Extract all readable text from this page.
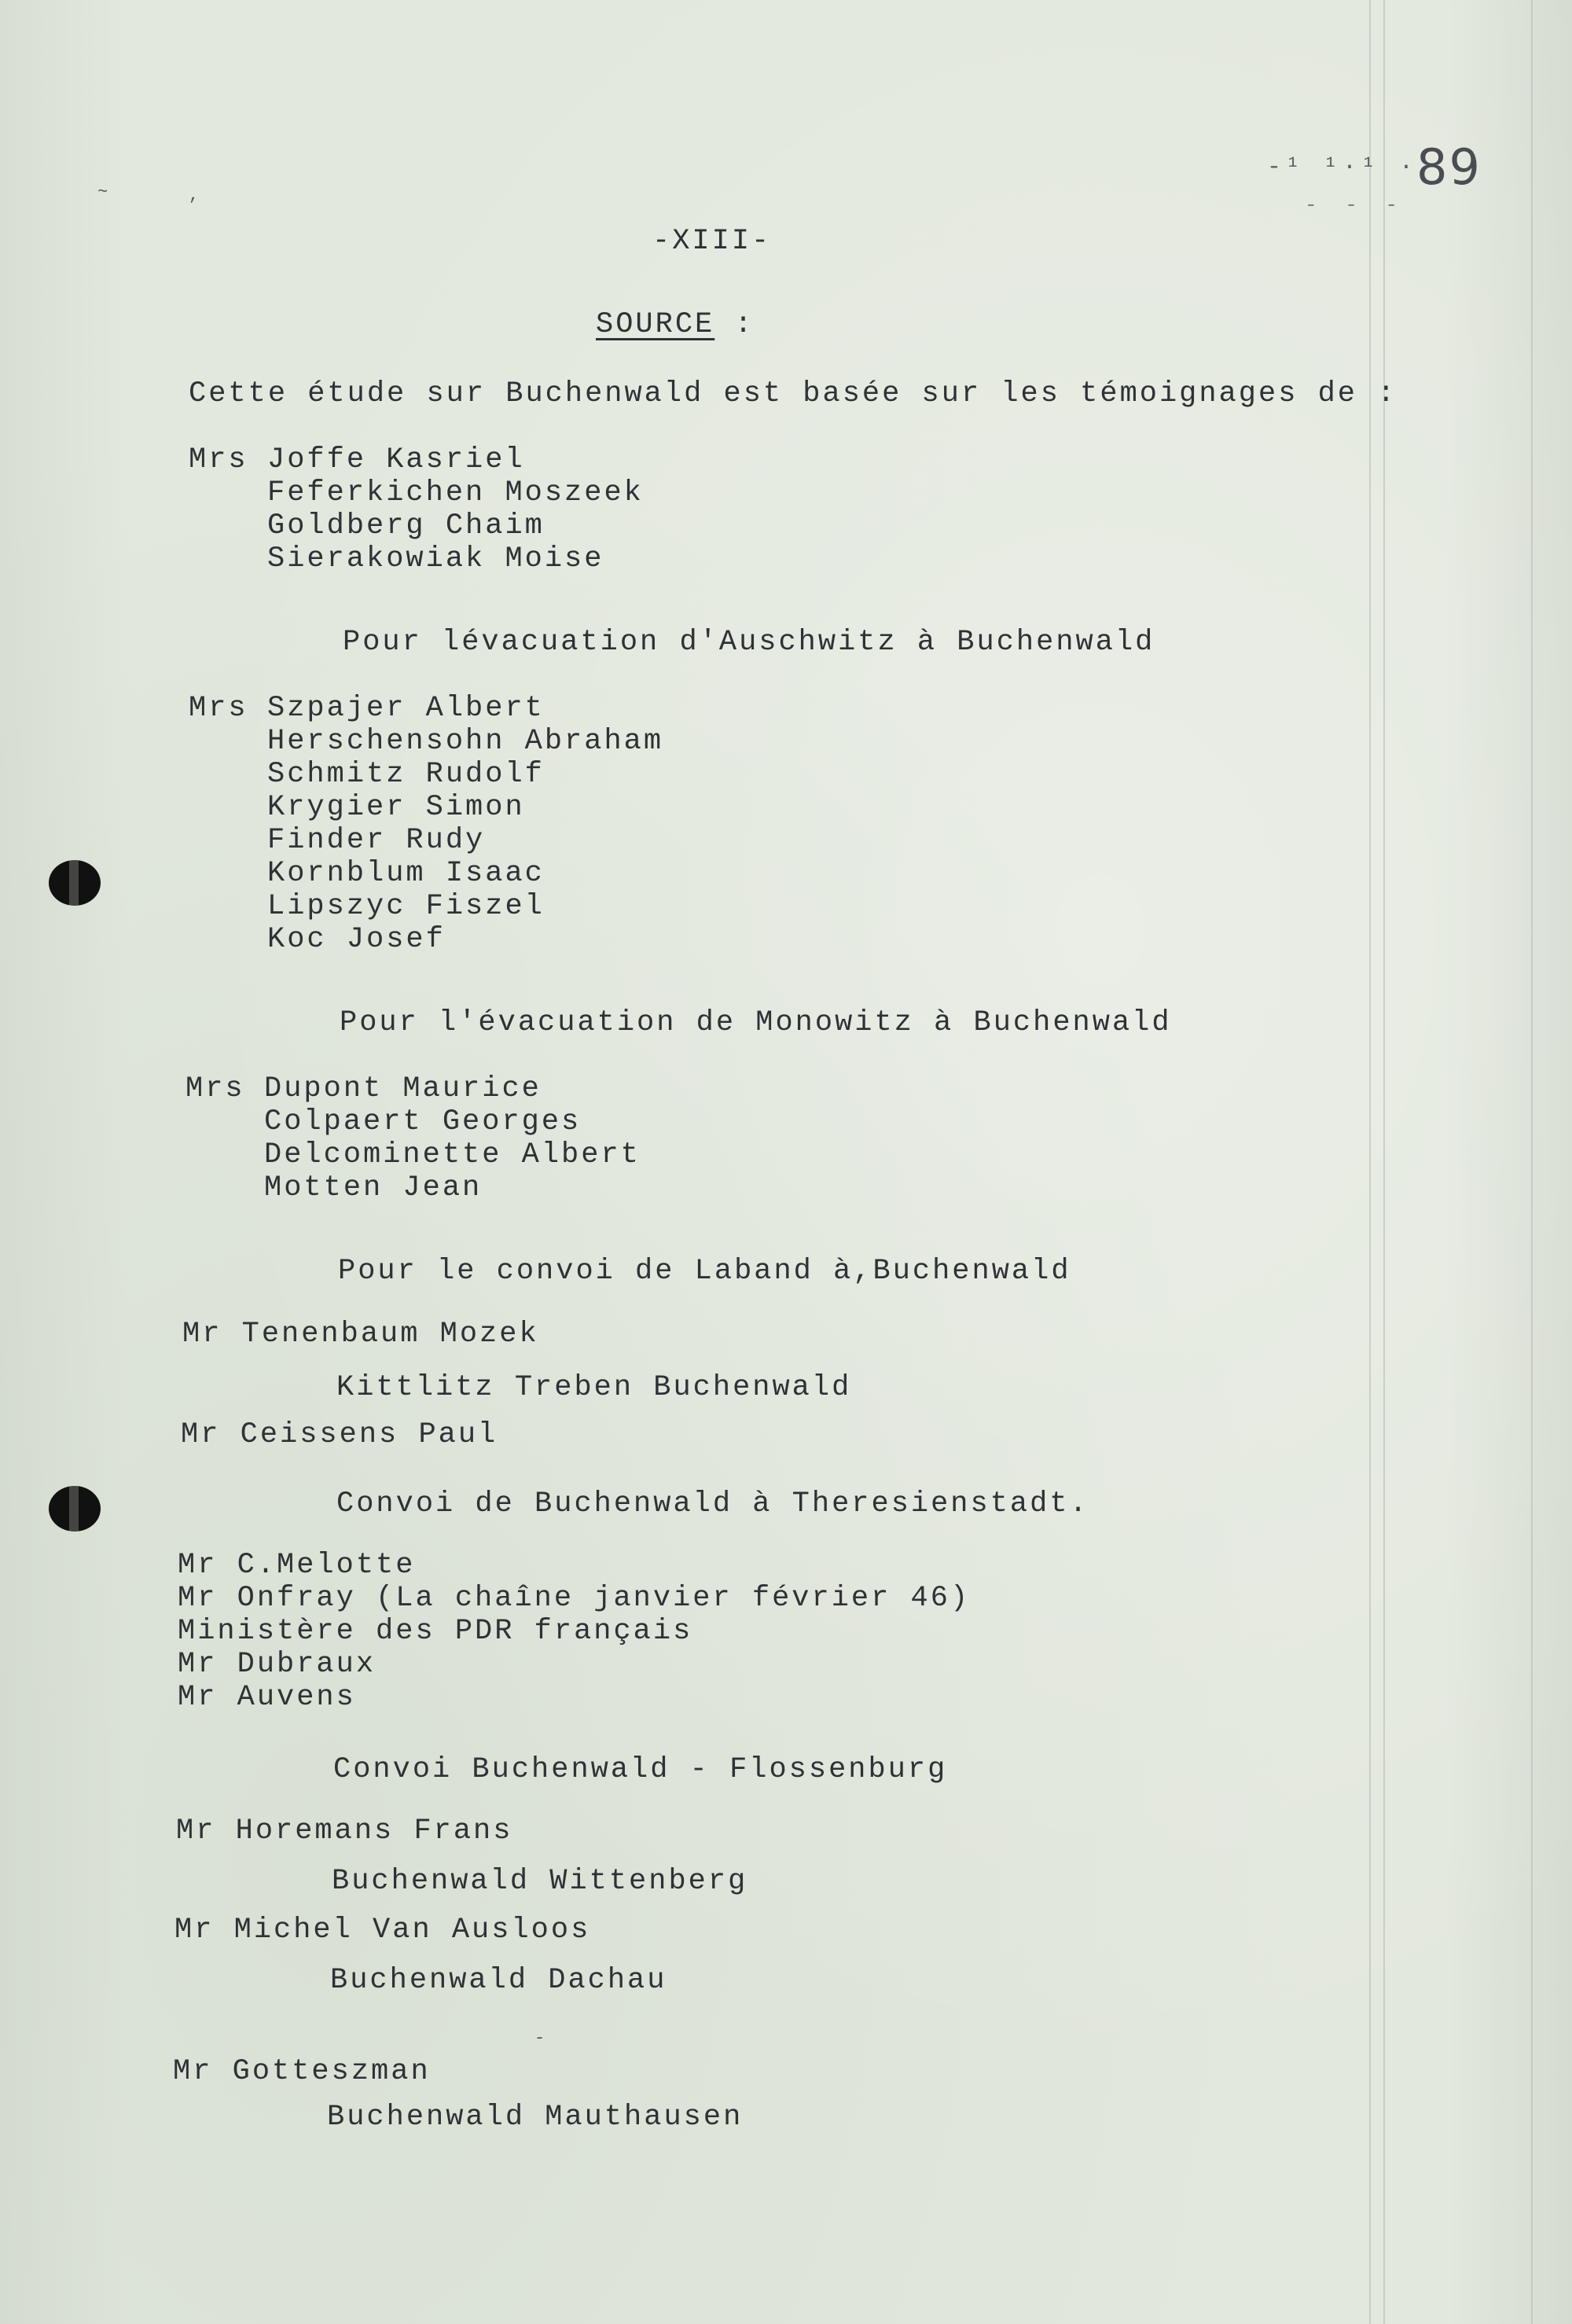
~	,
-¹ ¹·¹ ·
- - -
89
-XIII-
SOURCE :
Cette étude sur Buchenwald est basée sur les témoignages de :
Mrs Joffe Kasriel
Feferkichen Moszeek
Goldberg Chaim
Sierakowiak Moise
Pour lévacuation d'Auschwitz à Buchenwald
Mrs Szpajer Albert
Herschensohn Abraham
Schmitz Rudolf
Krygier Simon
Finder Rudy
Kornblum Isaac
Lipszyc Fiszel
Koc Josef
Pour l'évacuation de Monowitz à Buchenwald
Mrs Dupont Maurice
Colpaert Georges
Delcominette Albert
Motten Jean
Pour le convoi de Laband à,Buchenwald
Mr Tenenbaum Mozek
Kittlitz Treben Buchenwald
Mr Ceissens Paul
Convoi de Buchenwald à Theresienstadt.
Mr C.Melotte
Mr Onfray (La chaîne janvier février 46)
Ministère des PDR français
Mr Dubraux
Mr Auvens
Convoi Buchenwald - Flossenburg
Mr Horemans Frans
Buchenwald Wittenberg
Mr Michel Van Ausloos
Buchenwald Dachau
-
Mr Gotteszman
Buchenwald Mauthausen
